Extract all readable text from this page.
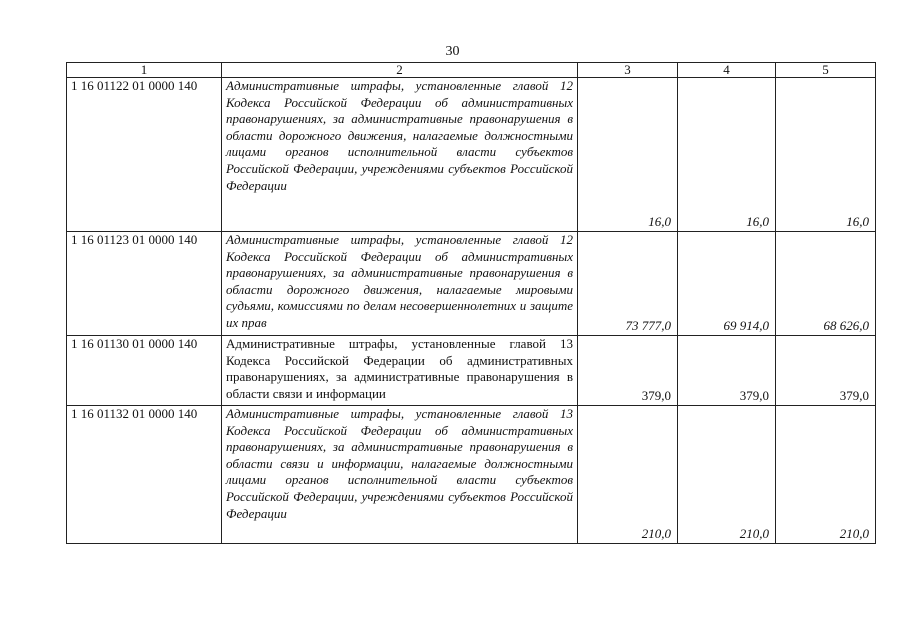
30
1	2	3	4	5
1 16 01122 01 0000 140	Административные штрафы, установленные главой 12 Кодекса Российской Федерации об административных правонарушениях, за административные правонарушения в области дорожного движения, налагаемые должностными лицами органов исполнительной власти субъектов Российской Федерации, учреждениями субъектов Российской Федерации	16,0	16,0	16,0
1 16 01123 01 0000 140	Административные штрафы, установленные главой 12 Кодекса Российской Федерации об административных правонарушениях, за административные правонарушения в области дорожного движения, налагаемые мировыми судьями, комиссиями по делам несовершеннолетних и защите их прав	73 777,0	69 914,0	68 626,0
1 16 01130 01 0000 140	Административные штрафы, установленные главой 13 Кодекса Российской Федерации об административных правонарушениях, за административные правонарушения в области связи и информации	379,0	379,0	379,0
1 16 01132 01 0000 140	Административные штрафы, установленные главой 13 Кодекса Российской Федерации об административных правонарушениях, за административные правонарушения в области связи и информации, налагаемые должностными лицами органов исполнительной власти субъектов Российской Федерации, учреждениями субъектов Российской Федерации	210,0	210,0	210,0
